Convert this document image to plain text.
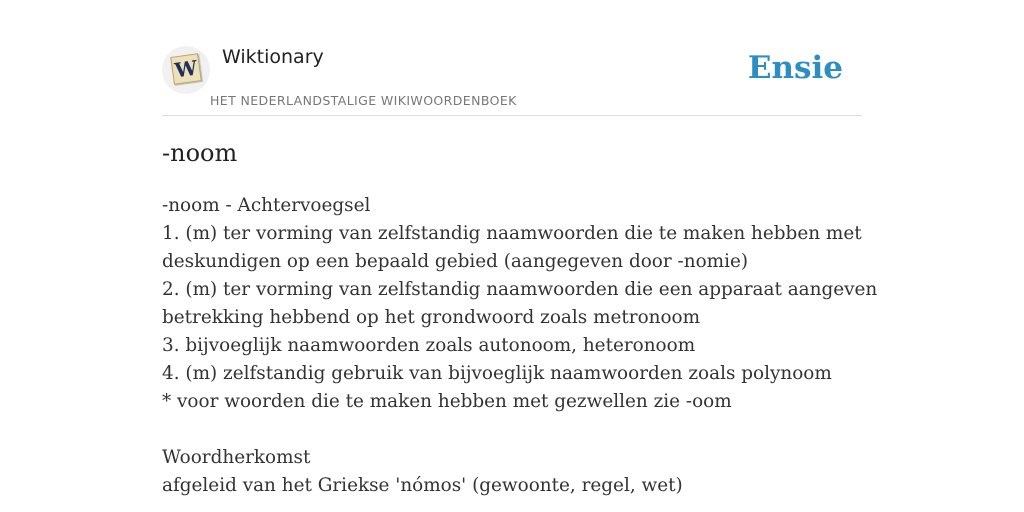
W Wiktionary
HET NEDERLANDSTALIGE WIKIWOORDENBOEK
Ensie
-noom
-noom - Achtervoegsel
1. (m) ter vorming van zelfstandig naamwoorden die te maken hebben met
deskundigen op een bepaald gebied (aangegeven door -nomie)
2. (m) ter vorming van zelfstandig naamwoorden die een apparaat aangeven
betrekking hebbend op het grondwoord zoals metronoom
3. bijvoeglijk naamwoorden zoals autonoom, heteronoom
4. (m) zelfstandig gebruik van bijvoeglijk naamwoorden zoals polynoom
* voor woorden die te maken hebben met gezwellen zie -oom
Woordherkomst
afgeleid van het Griekse 'nómos' (gewoonte, regel, wet)
